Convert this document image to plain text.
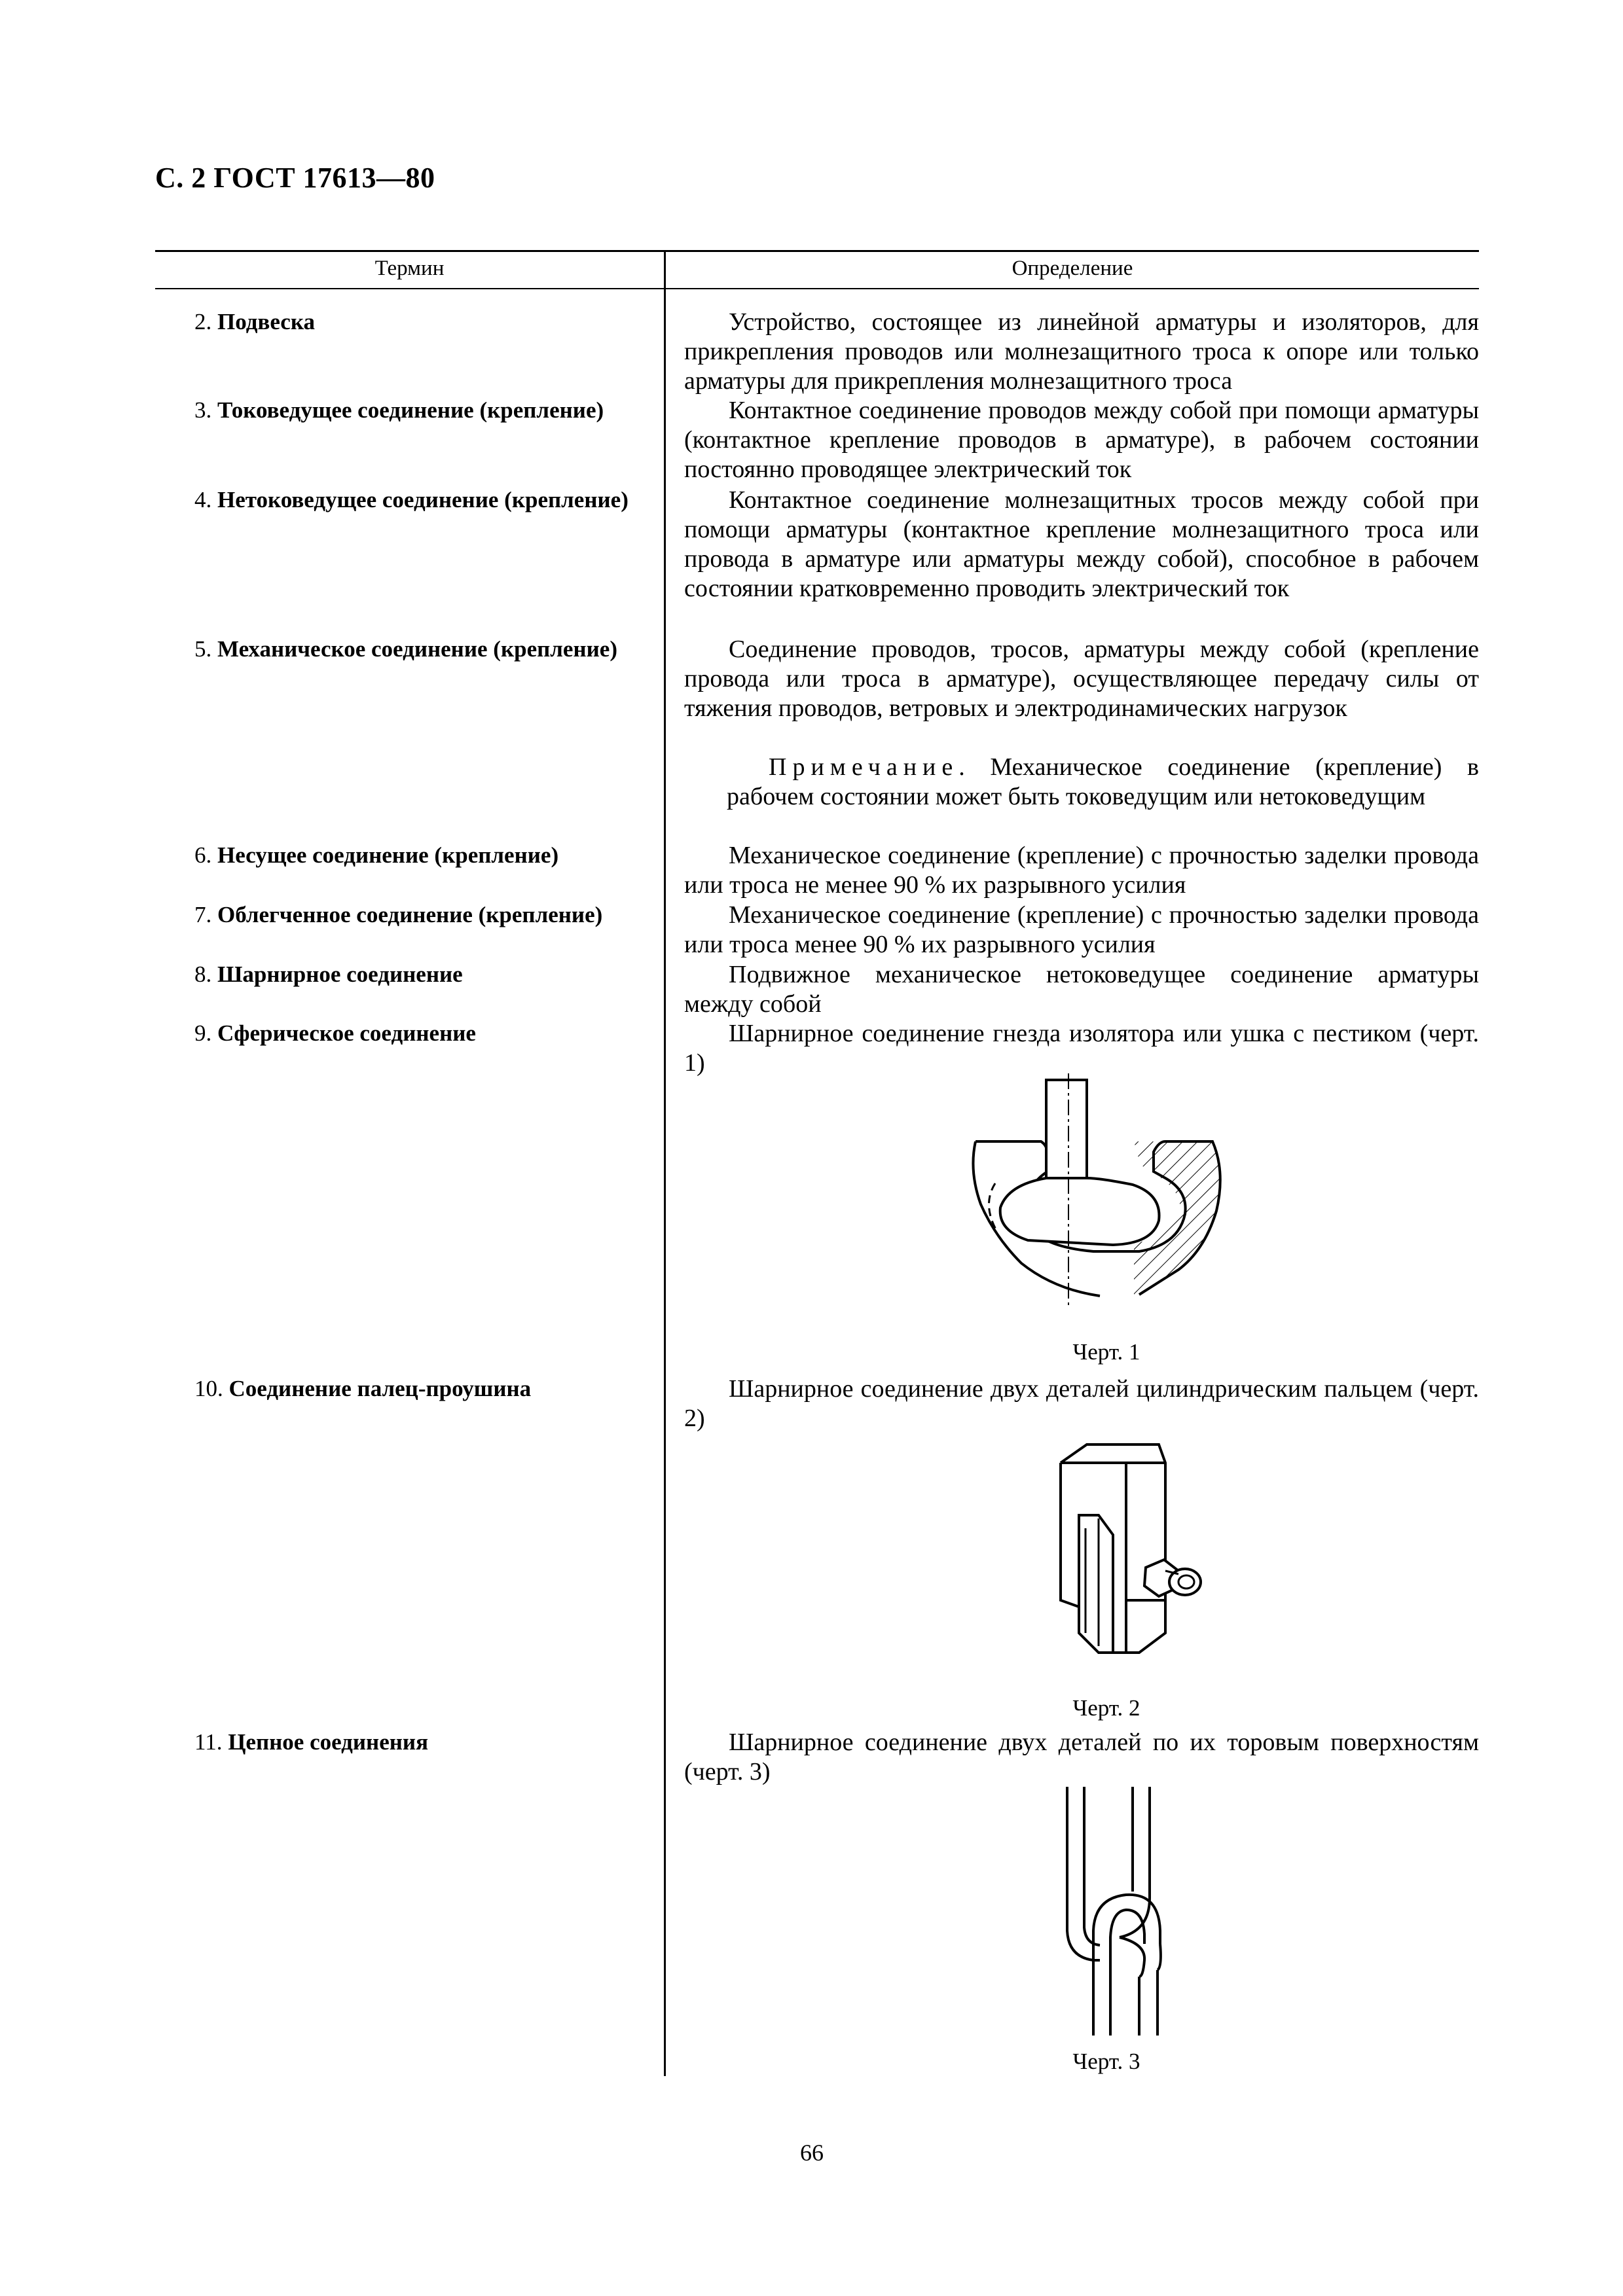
С. 2 ГОСТ 17613—80
Термин	Определение
2. Подвеска	Устройство, состоящее из линейной арматуры и изоляторов, для прикрепления проводов или молнезащитного троса к опоре или только арматуры для прикрепления молнезащитного троса
3. Токоведущее соединение (крепление)	Контактное соединение проводов между собой при помощи арматуры (контактное крепление проводов в арматуре), в рабочем состоянии постоянно проводящее электрический ток
4. Нетоковедущее соединение (крепление)	Контактное соединение молнезащитных тросов между собой при помощи арматуры (контактное крепление молнезащитного троса или провода в арматуре или арматуры между собой), способное в рабочем состоянии кратковременно проводить электрический ток
5. Механическое соединение (крепление)	Соединение проводов, тросов, арматуры между собой (крепление провода или троса в арматуре), осуществляющее передачу силы от тяжения проводов, ветровых и электродинамических нагрузок
Примечание. Механическое соединение (крепление) в рабочем состоянии может быть токоведущим или нетоковедущим
6. Несущее соединение (крепление)	Механическое соединение (крепление) с прочностью заделки провода или троса не менее 90 % их разрывного усилия
7. Облегченное соединение (крепление)	Механическое соединение (крепление) с прочностью заделки провода или троса менее 90 % их разрывного усилия
8. Шарнирное соединение	Подвижное механическое нетоковедущее соединение арматуры между собой
9. Сферическое соединение	Шарнирное соединение гнезда изолятора или ушка с пестиком (черт. 1)
Черт. 1
10. Соединение палец-проушина	Шарнирное соединение двух деталей цилиндрическим пальцем (черт. 2)
Черт. 2
11. Цепное соединения	Шарнирное соединение двух деталей по их торовым поверхностям (черт. 3)
Черт. 3
66
